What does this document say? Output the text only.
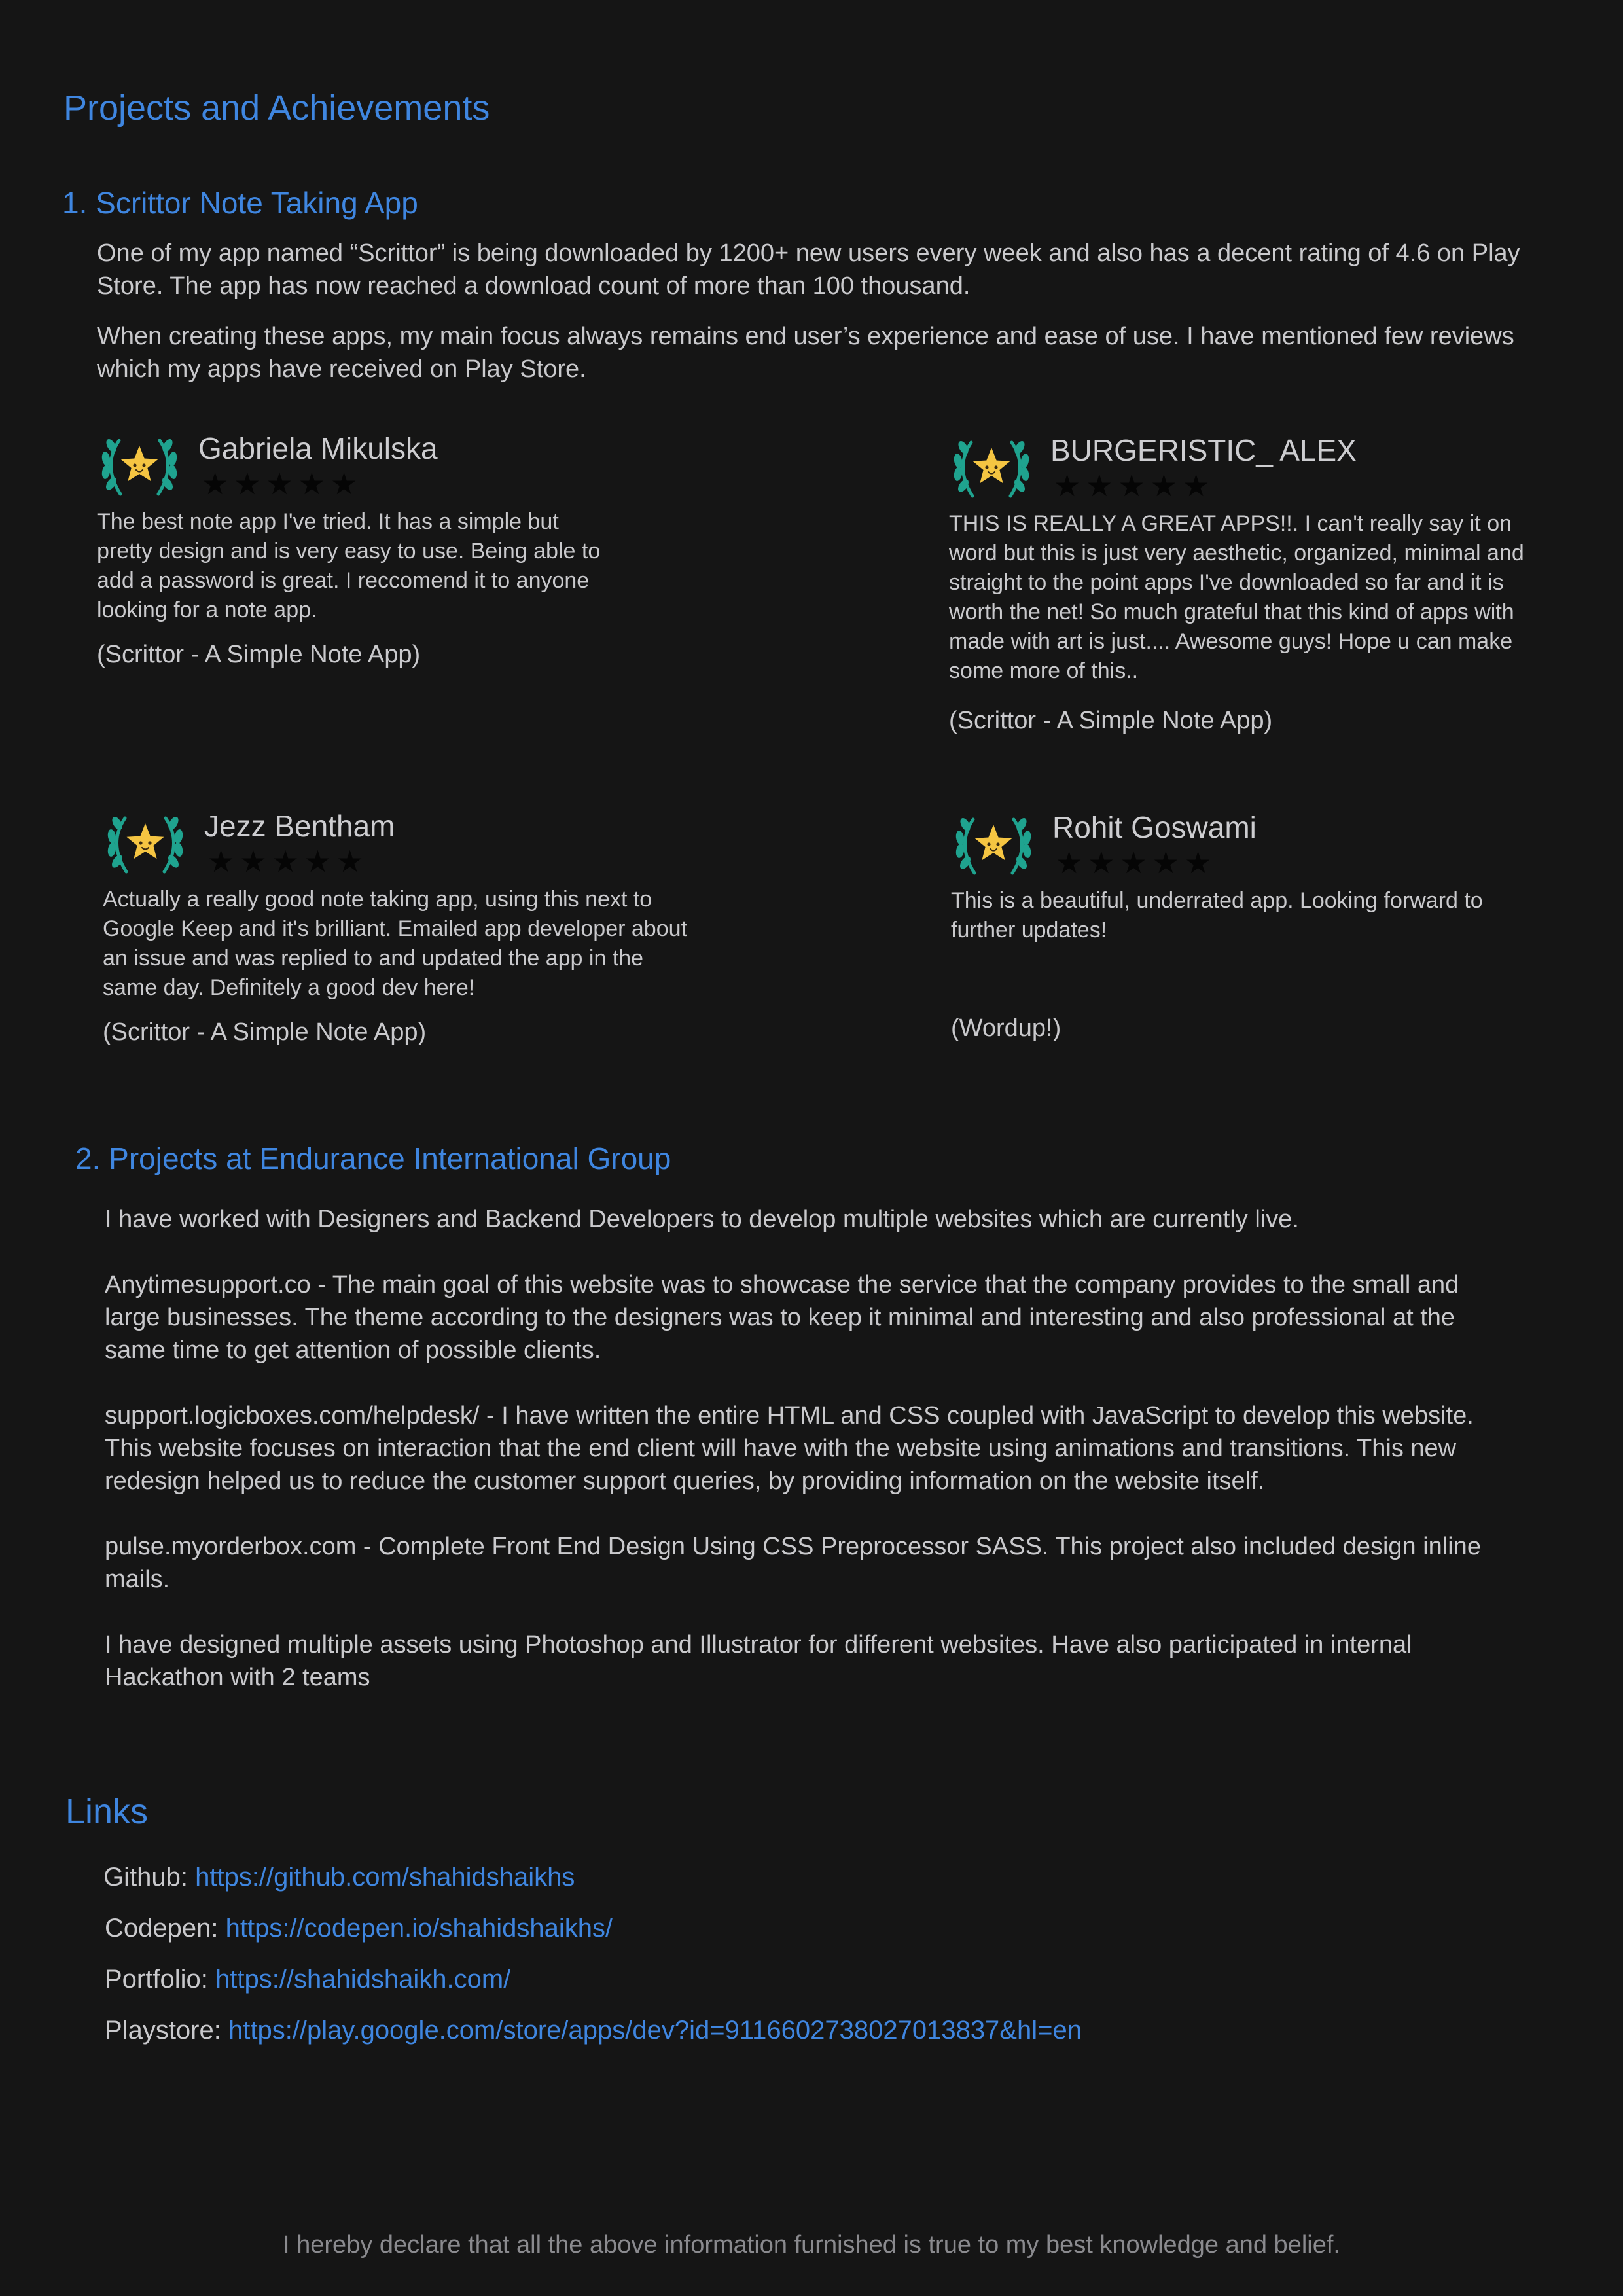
Projects and Achievements
1. Scrittor Note Taking App

One of my app named “Scrittor” is being downloaded by 1200+ new users every week and also has a decent rating of 4.6 on Play Store. The app has now reached a download count of more than 100 thousand.

When creating these apps, my main focus always remains end user’s experience and ease of use. I have mentioned few reviews which my apps have received on Play Store.

Gabriela Mikulska
★ ★ ★ ★ ★
The best note app I've tried. It has a simple but pretty design and is very easy to use. Being able to add a password is great. I reccomend it to anyone looking for a note app.
(Scrittor - A Simple Note App)
BURGERISTIC_ ALEX
★ ★ ★ ★ ★
THIS IS REALLY A GREAT APPS!!. I can't really say it on word but this is just very aesthetic, organized, minimal and straight to the point apps I've downloaded so far and it is worth the net! So much grateful that this kind of apps with made with art is just.... Awesome guys! Hope u can make some more of this..
(Scrittor - A Simple Note App)
Jezz Bentham
★ ★ ★ ★ ★
Actually a really good note taking app, using this next to Google Keep and it's brilliant. Emailed app developer about an issue and was replied to and updated the app in the same day. Definitely a good dev here!
(Scrittor - A Simple Note App)
Rohit Goswami
★ ★ ★ ★ ★
This is a beautiful, underrated app. Looking forward to further updates!
(Wordup!)
2. Projects at Endurance International Group

I have worked with Designers and Backend Developers to develop multiple websites which are currently live.

Anytimesupport.co - The main goal of this website was to showcase the service that the company provides to the small and large businesses. The theme according to the designers was to keep it minimal and interesting and also professional at the same time to get attention of possible clients.

support.logicboxes.com/helpdesk/ - I have written the entire HTML and CSS coupled with JavaScript to develop this website. This website focuses on interaction that the end client will have with the website using animations and transitions. This new redesign helped us to reduce the customer support queries, by providing information on the website itself.

pulse.myorderbox.com - Complete Front End Design Using CSS Preprocessor SASS. This project also included design inline mails.

I have designed multiple assets using Photoshop and Illustrator for different websites. Have also participated in internal Hackathon with 2 teams

Links
Github: https://github.com/shahidshaikhs
Codepen: https://codepen.io/shahidshaikhs/
Portfolio: https://shahidshaikh.com/
Playstore: https://play.google.com/store/apps/dev?id=9116602738027013837&hl=en
I hereby declare that all the above information furnished is true to my best knowledge and belief.
